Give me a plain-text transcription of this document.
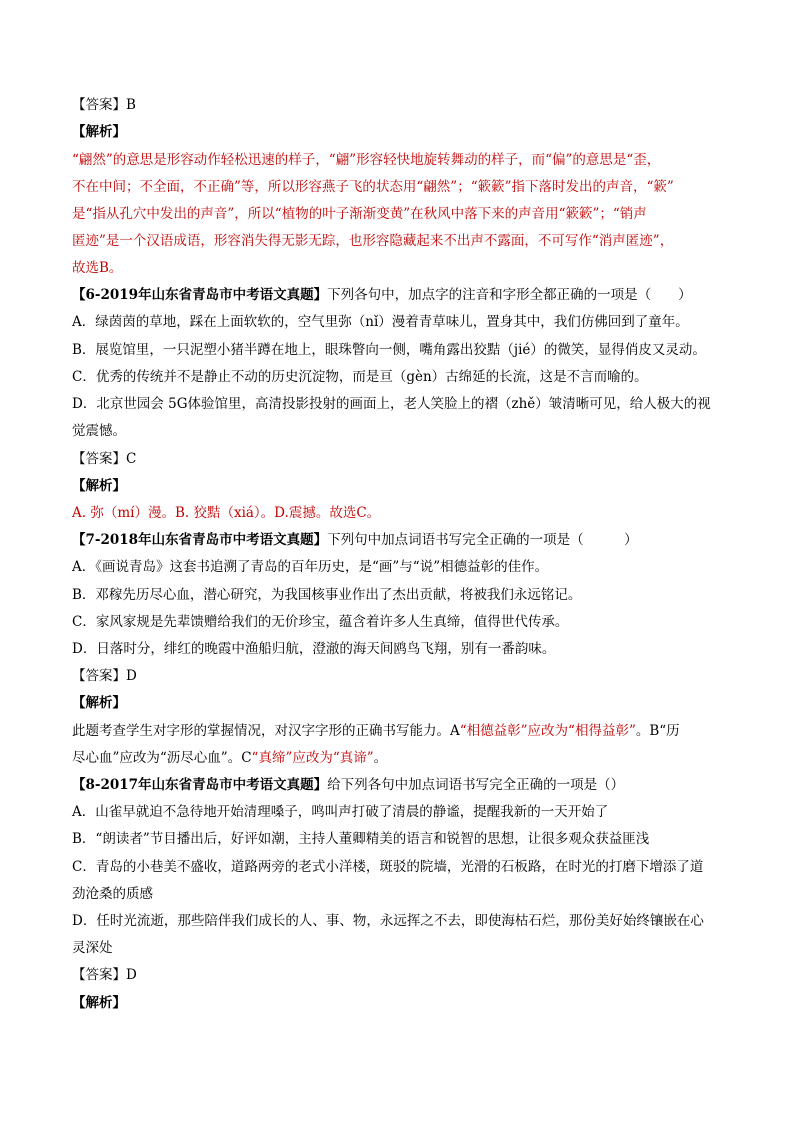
【答案】B
【解析】
“翩然”的意思是形容动作轻松迅速的样子，“翩”形容轻快地旋转舞动的样子，而“偏”的意思是“歪，
不在中间；不全面，不正确”等，所以形容燕子飞的状态用“翩然”；“簌簌”指下落时发出的声音，“簌”
是“指从孔穴中发出的声音”，所以“植物的叶子渐渐变黄”在秋风中落下来的声音用“簌簌”；“销声
匿迹”是一个汉语成语，形容消失得无影无踪，也形容隐藏起来不出声不露面，不可写作“消声匿迹”，
故选B。
【6-2019年山东省青岛市中考语文真题】下列各句中，加点字的注音和字形全都正确的一项是（　　）
A．绿茵茵的草地，踩在上面软软的，空气里弥（nǐ）漫着青草味儿，置身其中，我们仿佛回到了童年。
B．展览馆里，一只泥塑小猪半蹲在地上，眼珠瞥向一侧，嘴角露出狡黠（jié）的微笑，显得俏皮又灵动。
C．优秀的传统并不是静止不动的历史沉淀物，而是亘（gèn）古绵延的长流，这是不言而喻的。
D．北京世园会 5G体验馆里，高清投影投射的画面上，老人笑脸上的褶（zhě）皱清晰可见，给人极大的视
觉震憾。
【答案】C
【解析】
A. 弥（mí）漫。B. 狡黠（xiá）。D.震撼。故选C。
【7-2018年山东省青岛市中考语文真题】下列句中加点词语书写完全正确的一项是（　　　）
A．《画说青岛》这套书追溯了青岛的百年历史，是“画”与“说”相德益彰的佳作。
B．邓稼先历尽心血，潜心研究，为我国核事业作出了杰出贡献，将被我们永远铭记。
C．家风家规是先辈馈赠给我们的无价珍宝，蕴含着许多人生真缔，值得世代传承。
D．日落时分，绯红的晚霞中渔船归航，澄澈的海天间鸥鸟飞翔，别有一番韵味。
【答案】D
【解析】
此题考查学生对字形的掌握情况，对汉字字形的正确书写能力。A“相德益彰”应改为“相得益彰”。B“历
尽心血”应改为“沥尽心血”。C“真缔”应改为“真谛”。
【8-2017年山东省青岛市中考语文真题】给下列各句中加点词语书写完全正确的一项是（）
A．山雀早就迫不急待地开始清理嗓子，鸣叫声打破了清晨的静谧，提醒我新的一天开始了
B．“朗读者”节目播出后，好评如潮，主持人董卿精美的语言和锐智的思想，让很多观众获益匪浅
C．青岛的小巷美不盛收，道路两旁的老式小洋楼，斑驳的院墙，光滑的石板路，在时光的打磨下增添了道
劲沧桑的质感
D．任时光流逝，那些陪伴我们成长的人、事、物，永远挥之不去，即使海枯石烂，那份美好始终镶嵌在心
灵深处
【答案】D
【解析】
